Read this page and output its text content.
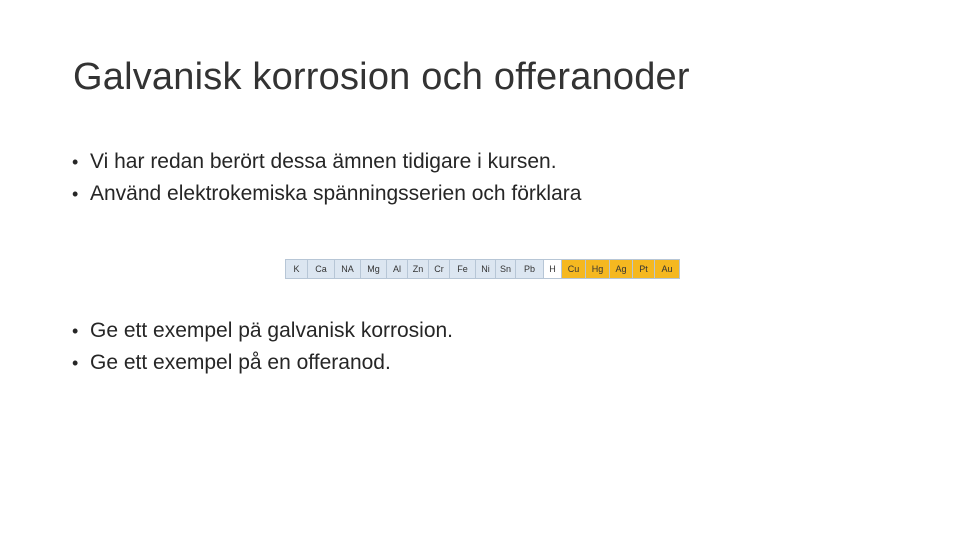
Galvanisk korrosion och offeranoder
• Vi har redan berört dessa ämnen tidigare i kursen.
• Använd elektrokemiska spänningsserien och förklara
K	Ca	NA	Mg	Al	Zn	Cr	Fe	Ni	Sn	Pb	H	Cu	Hg	Ag	Pt	Au
• Ge ett exempel pä galvanisk korrosion.
• Ge ett exempel på en offeranod.
